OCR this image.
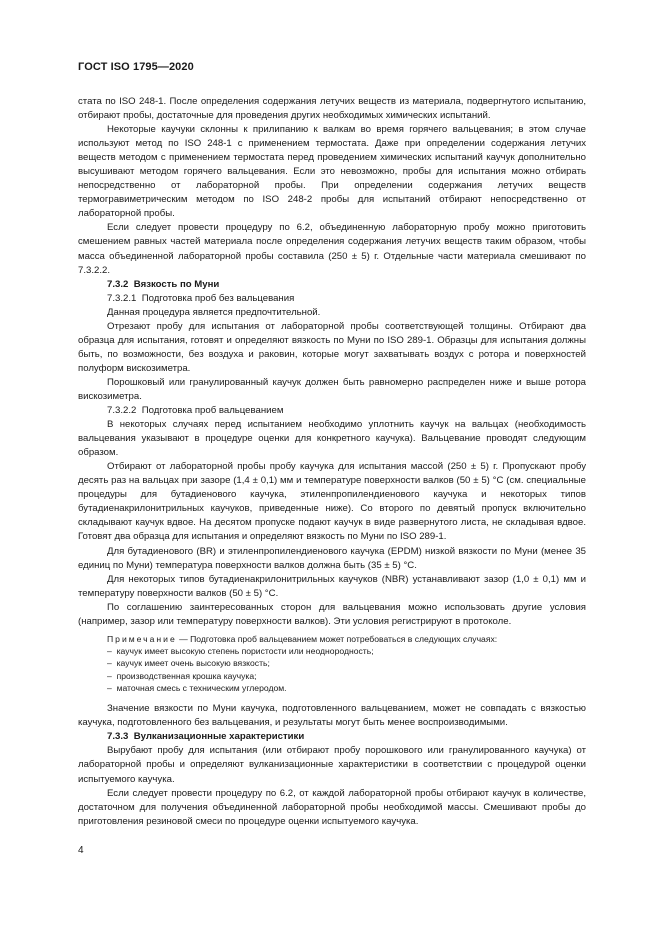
ГОСТ ISO 1795—2020

стата по ISO 248-1. После определения содержания летучих веществ из материала, подвергнутого испытанию, отбирают пробы, достаточные для проведения других необходимых химических испытаний.

Некоторые каучуки склонны к прилипанию к валкам во время горячего вальцевания; в этом случае используют метод по ISO 248-1 с применением термостата. Даже при определении содержания летучих веществ методом с применением термостата перед проведением химических испытаний каучук дополнительно высушивают методом горячего вальцевания. Если это невозможно, пробы для испытания можно отбирать непосредственно от лабораторной пробы. При определении содержания летучих веществ термогравиметрическим методом по ISO 248-2 пробы для испытаний отбирают непосредственно от лабораторной пробы.

Если следует провести процедуру по 6.2, объединенную лабораторную пробу можно приготовить смешением равных частей материала после определения содержания летучих веществ таким образом, чтобы масса объединенной лабораторной пробы составила (250 ± 5) г. Отдельные части материала смешивают по 7.3.2.2.

7.3.2 Вязкость по Муни

7.3.2.1 Подготовка проб без вальцевания

Данная процедура является предпочтительной.

Отрезают пробу для испытания от лабораторной пробы соответствующей толщины. Отбирают два образца для испытания, готовят и определяют вязкость по Муни по ISO 289-1. Образцы для испытания должны быть, по возможности, без воздуха и раковин, которые могут захватывать воздух с ротора и поверхностей полуформ вискозиметра.

Порошковый или гранулированный каучук должен быть равномерно распределен ниже и выше ротора вискозиметра.

7.3.2.2 Подготовка проб вальцеванием

В некоторых случаях перед испытанием необходимо уплотнить каучук на вальцах (необходимость вальцевания указывают в процедуре оценки для конкретного каучука). Вальцевание проводят следующим образом.

Отбирают от лабораторной пробы пробу каучука для испытания массой (250 ± 5) г. Пропускают пробу десять раз на вальцах при зазоре (1,4 ± 0,1) мм и температуре поверхности валков (50 ± 5) °С (см. специальные процедуры для бутадиенового каучука, этиленпропилендиенового каучука и некоторых типов бутадиенакрилонитрильных каучуков, приведенные ниже). Со второго по девятый пропуск включительно складывают каучук вдвое. На десятом пропуске подают каучук в виде развернутого листа, не складывая вдвое. Готовят два образца для испытания и определяют вязкость по Муни по ISO 289-1.

Для бутадиенового (BR) и этиленпропилендиенового каучука (EPDM) низкой вязкости по Муни (менее 35 единиц по Муни) температура поверхности валков должна быть (35 ± 5) °С.

Для некоторых типов бутадиенакрилонитрильных каучуков (NBR) устанавливают зазор (1,0 ± 0,1) мм и температуру поверхности валков (50 ± 5) °С.

По соглашению заинтересованных сторон для вальцевания можно использовать другие условия (например, зазор или температуру поверхности валков). Эти условия регистрируют в протоколе.

Примечание — Подготовка проб вальцеванием может потребоваться в следующих случаях:
–  каучук имеет высокую степень пористости или неоднородность;
–  каучук имеет очень высокую вязкость;
–  производственная крошка каучука;
–  маточная смесь с техническим углеродом.

Значение вязкости по Муни каучука, подготовленного вальцеванием, может не совпадать с вязкостью каучука, подготовленного без вальцевания, и результаты могут быть менее воспроизводимыми.

7.3.3 Вулканизационные характеристики

Вырубают пробу для испытания (или отбирают пробу порошкового или гранулированного каучука) от лабораторной пробы и определяют вулканизационные характеристики в соответствии с процедурой оценки испытуемого каучука.

Если следует провести процедуру по 6.2, от каждой лабораторной пробы отбирают каучук в количестве, достаточном для получения объединенной лабораторной пробы необходимой массы. Смешивают пробы до приготовления резиновой смеси по процедуре оценки испытуемого каучука.

4
